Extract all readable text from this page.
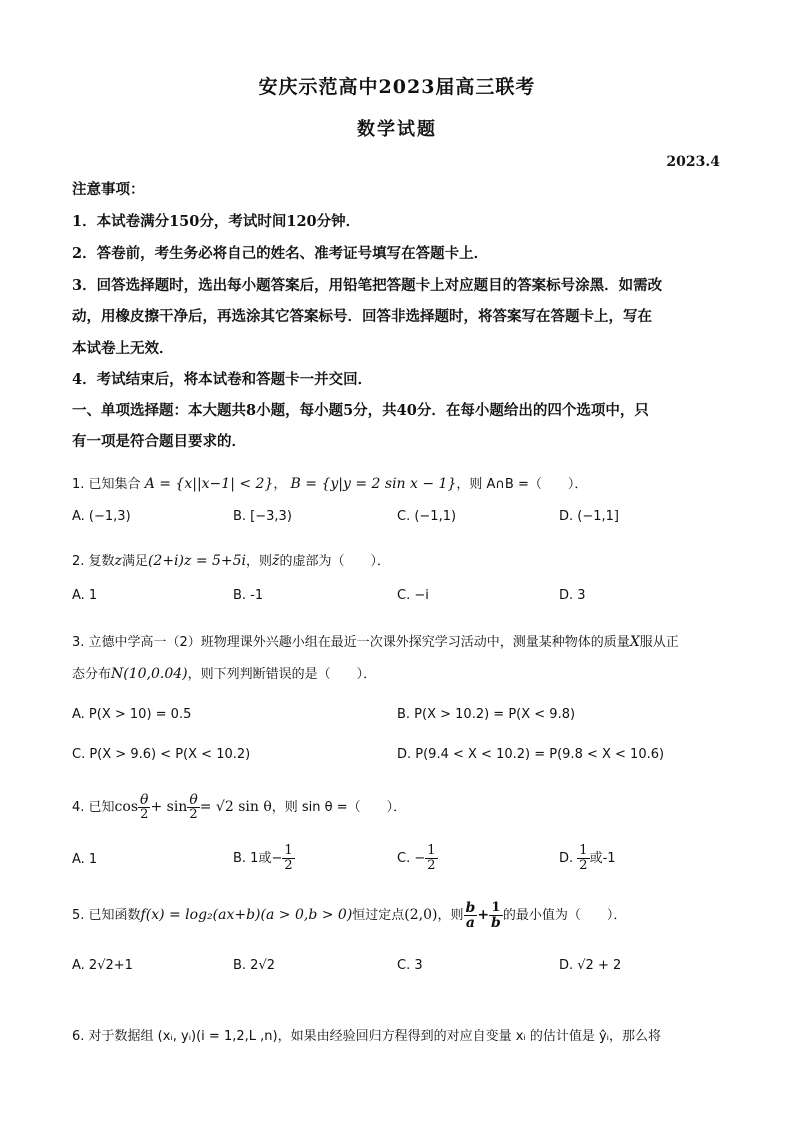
安庆示范高中2023届高三联考
数学试题
2023.4
注意事项：
1．本试卷满分150分，考试时间120分钟．
2．答卷前，考生务必将自己的姓名、准考证号填写在答题卡上．
3．回答选择题时，选出每小题答案后，用铅笔把答题卡上对应题目的答案标号涂黑．如需改
动，用橡皮擦干净后，再选涂其它答案标号．回答非选择题时，将答案写在答题卡上，写在
本试卷上无效．
4．考试结束后，将本试卷和答题卡一并交回．
一、单项选择题：本大题共8小题，每小题5分，共40分．在每小题给出的四个选项中，只
有一项是符合题目要求的．
1. 已知集合 A = {x||x−1| < 2}， B = {y|y = 2 sin x − 1}，则 A∩B =（　　）．
A. (−1,3)	B. [−3,3)	C. (−1,1)	D. (−1,1]
2. 复数z满足(2+i)z = 5+5i，则z̄的虚部为（　　）．
A. 1	B. -1	C. −i	D. 3
3. 立德中学高一（2）班物理课外兴趣小组在最近一次课外探究学习活动中，测量某种物体的质量X服从正
态分布N(10,0.04)，则下列判断错误的是（　　）．
A. P(X > 10) = 0.5	B. P(X > 10.2) = P(X < 9.8)
C. P(X > 9.6) < P(X < 10.2)	D. P(9.4 < X < 10.2) = P(9.8 < X < 10.6)
4. 已知$\cos \frac{\theta}{2} + \sin \frac{\theta}{2} = √2$ sin θ，则 sin θ =（　　）．
A. 1	B. 1或− $\frac{1}{2}$	C. − $\frac{1}{2}$	D. $\frac{1}{2}$ 或-1
5. 已知函数f(x) = log₂(ax+b)(a > 0,b > 0)恒过定点(2,0)，则 $\frac{b}{a} + \frac{1}{b}$ 的最小值为（　　）．
A. 2√2+1	B. 2√2	C. 3	D. √2 + 2
6. 对于数据组 (xᵢ, yᵢ)(i = 1,2,L ,n)，如果由经验回归方程得到的对应自变量 xᵢ 的估计值是 ŷᵢ，那么将
